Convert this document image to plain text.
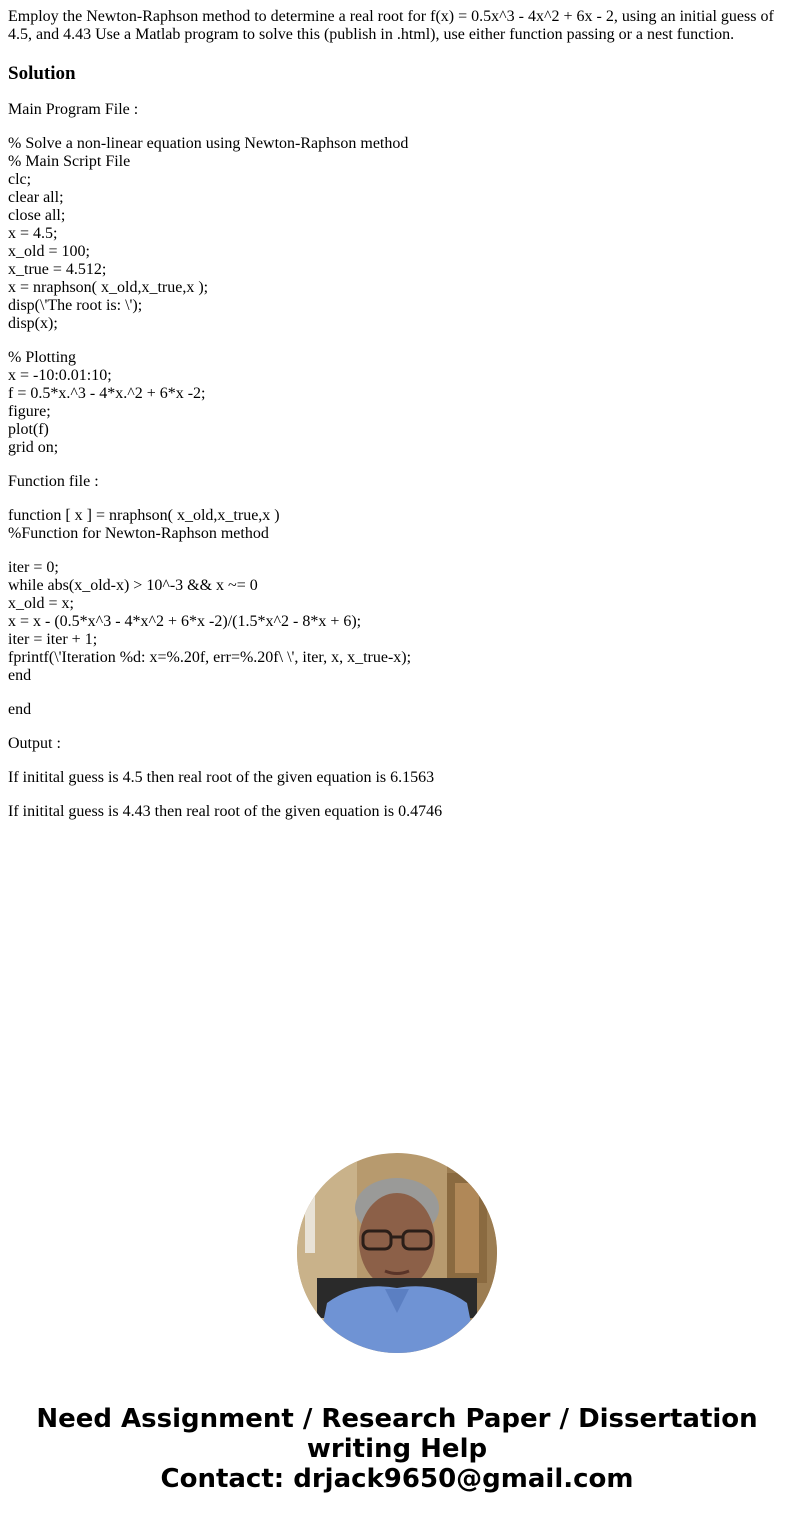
Employ the Newton-Raphson method to determine a real root for f(x) = 0.5x^3 - 4x^2 + 6x - 2, using an initial guess of 4.5, and 4.43 Use a Matlab program to solve this (publish in .html), use either function passing or a nest function.
Solution
Main Program File :
% Solve a non-linear equation using Newton-Raphson method
% Main Script File
clc;
clear all;
close all;
x = 4.5;
x_old = 100;
x_true = 4.512;
x = nraphson( x_old,x_true,x );
disp(\'The root is: \');
disp(x);
% Plotting
x = -10:0.01:10;
f = 0.5*x.^3 - 4*x.^2 + 6*x -2;
figure;
plot(f)
grid on;
Function file :
function [ x ] = nraphson( x_old,x_true,x )
%Function for Newton-Raphson method
iter = 0;
while abs(x_old-x) > 10^-3 && x ~= 0
x_old = x;
x = x - (0.5*x^3 - 4*x^2 + 6*x -2)/(1.5*x^2 - 8*x + 6);
iter = iter + 1;
fprintf(\'Iteration %d: x=%.20f, err=%.20f\ \', iter, x, x_true-x);
end
end
Output :
If initital guess is 4.5 then real root of the given equation is 6.1563
If initital guess is 4.43 then real root of the given equation is 0.4746
Need Assignment / Research Paper / Dissertation
writing Help
Contact: drjack9650@gmail.com
